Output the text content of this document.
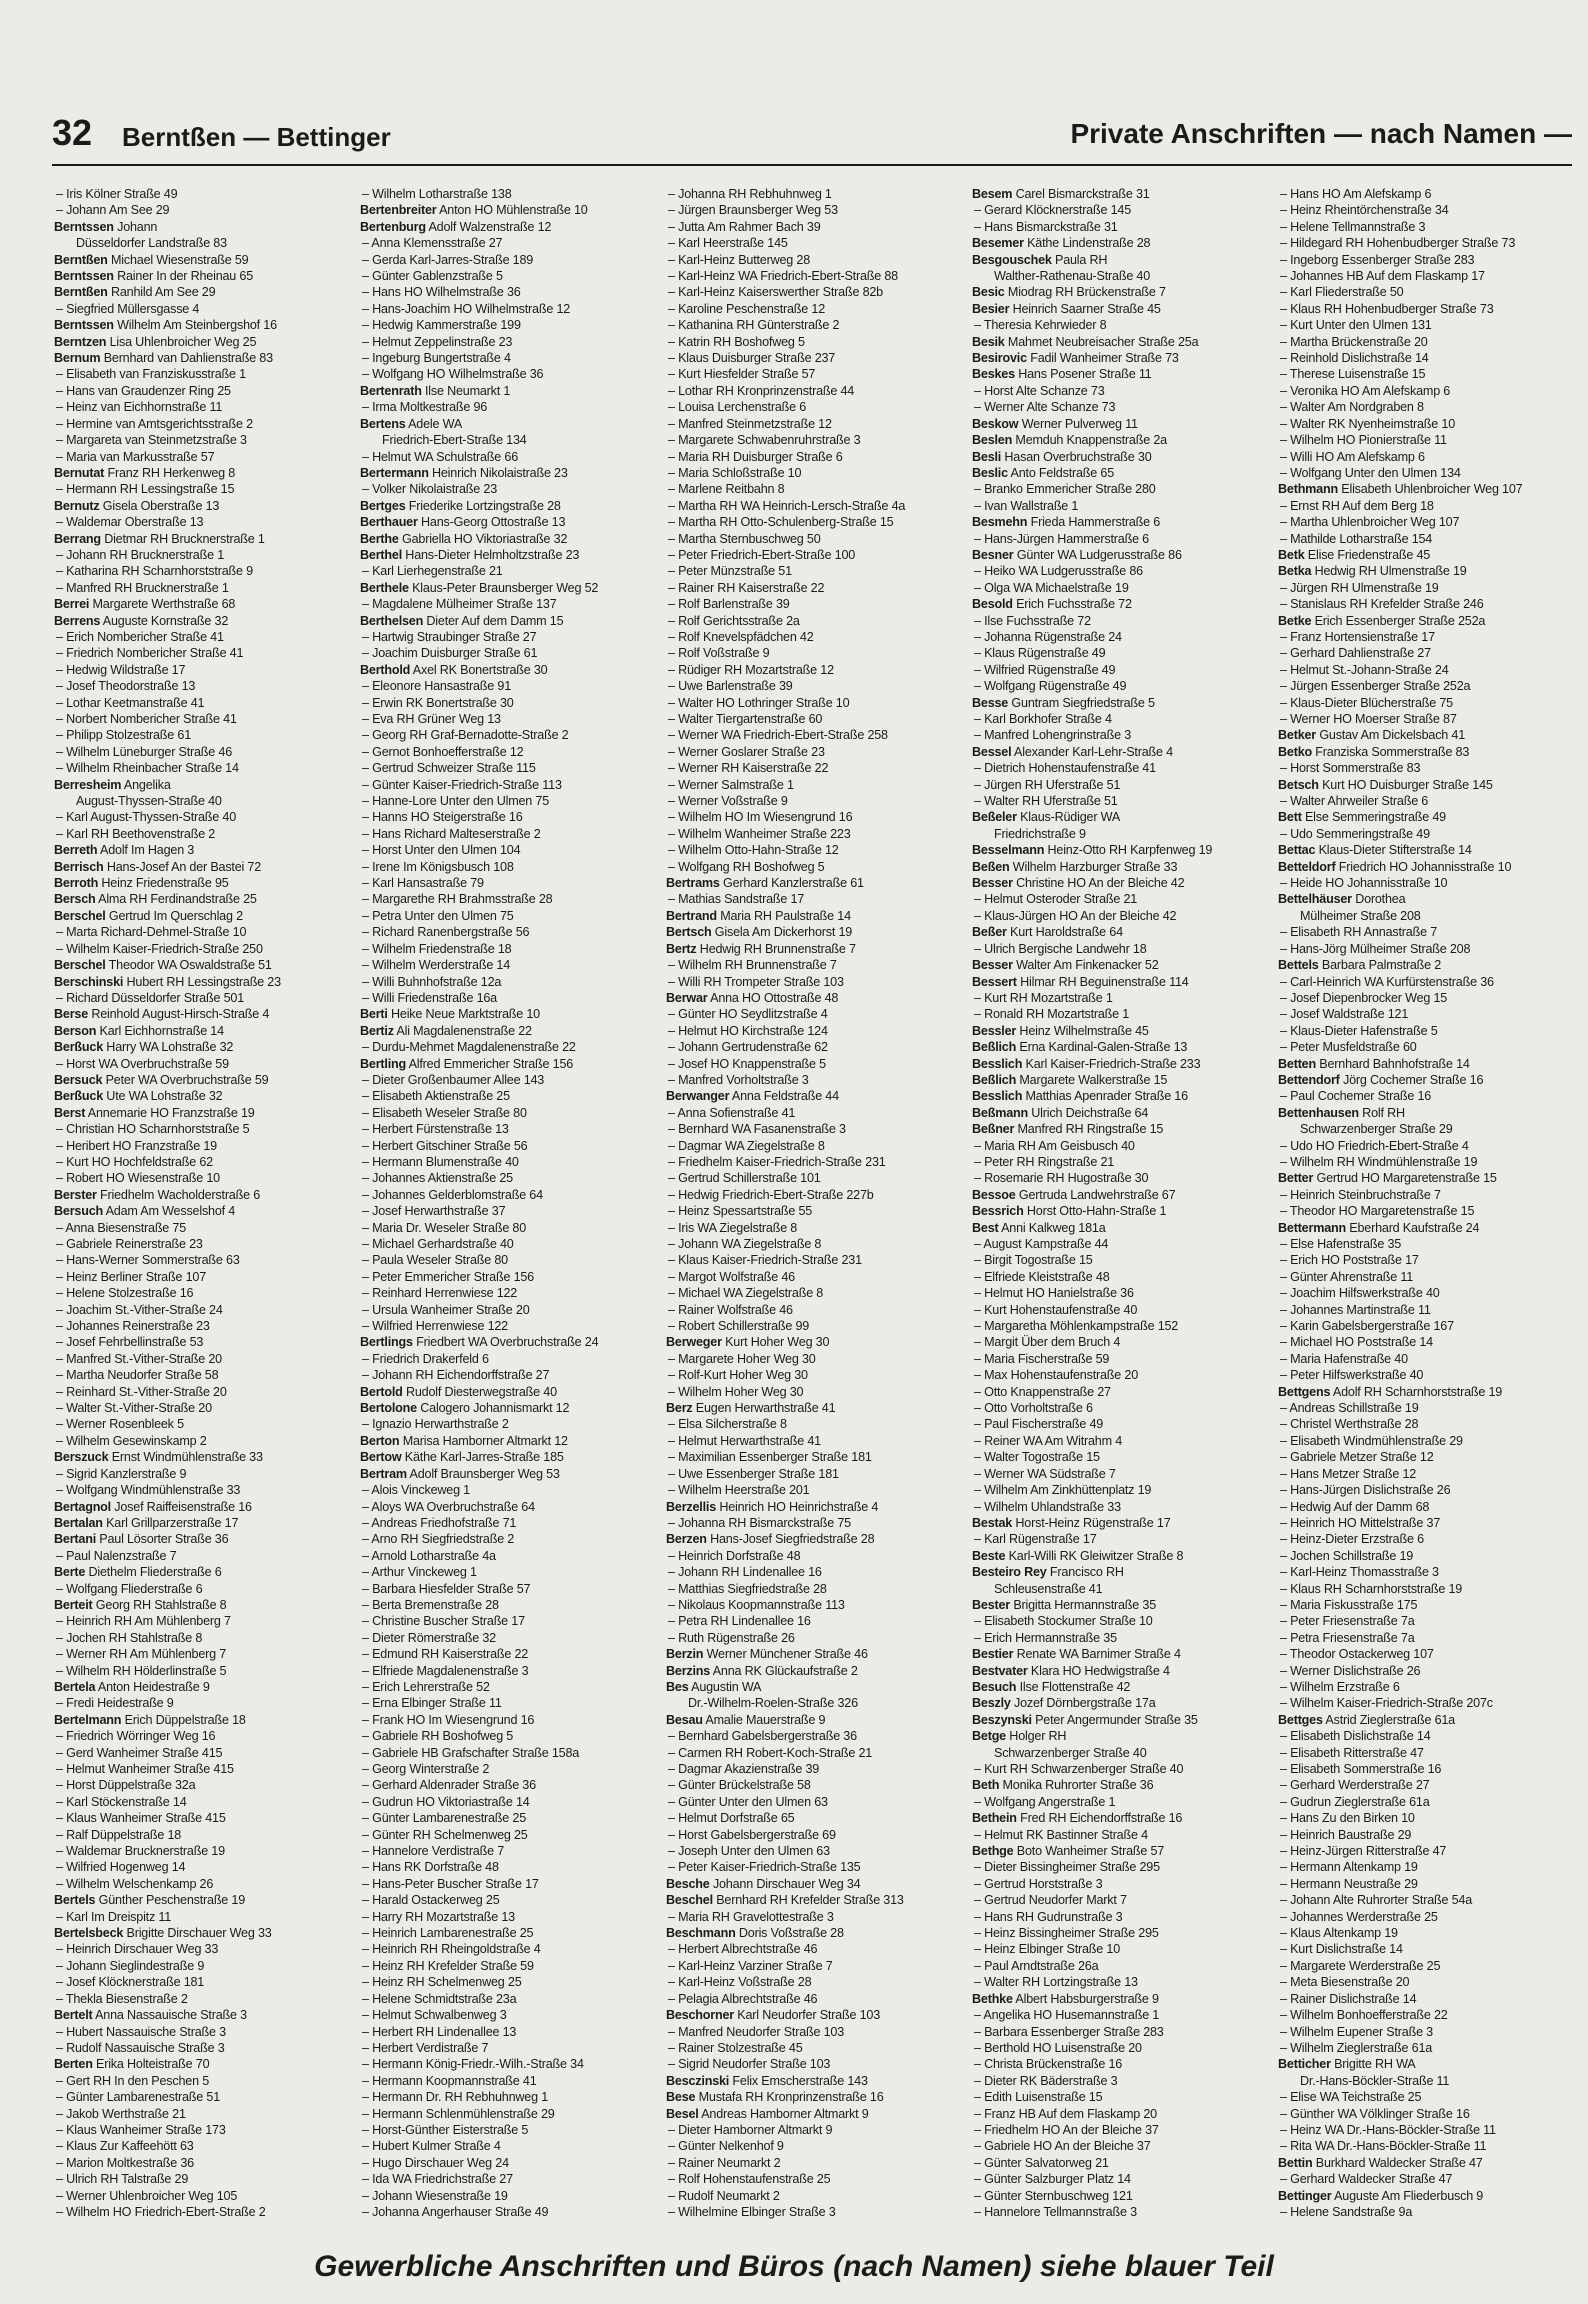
32 Berntßen — Bettinger	Private Anschriften — nach Namen —
– Iris Kölner Straße 49
– Johann Am See 29
Berntssen Johann
Düsseldorfer Landstraße 83
Berntßen Michael Wiesenstraße 59
Berntssen Rainer In der Rheinau 65
Berntßen Ranhild Am See 29
– Siegfried Müllersgasse 4
Berntssen Wilhelm Am Steinbergshof 16
Berntzen Lisa Uhlenbroicher Weg 25
Bernum Bernhard van Dahlienstraße 83
– Elisabeth van Franziskusstraße 1
– Hans van Graudenzer Ring 25
– Heinz van Eichhornstraße 11
– Hermine van Amtsgerichtsstraße 2
– Margareta van Steinmetzstraße 3
– Maria van Markusstraße 57
Bernutat Franz RH Herkenweg 8
– Hermann RH Lessingstraße 15
Bernutz Gisela Oberstraße 13
– Waldemar Oberstraße 13
Berrang Dietmar RH Brucknerstraße 1
– Johann RH Brucknerstraße 1
– Katharina RH Scharnhorststraße 9
– Manfred RH Brucknerstraße 1
Berrei Margarete Werthstraße 68
Berrens Auguste Kornstraße 32
– Erich Nombericher Straße 41
– Friedrich Nombericher Straße 41
– Hedwig Wildstraße 17
– Josef Theodorstraße 13
– Lothar Keetmanstraße 41
– Norbert Nombericher Straße 41
– Philipp Stolzestraße 61
– Wilhelm Lüneburger Straße 46
– Wilhelm Rheinbacher Straße 14
Berresheim Angelika
August-Thyssen-Straße 40
– Karl August-Thyssen-Straße 40
– Karl RH Beethovenstraße 2
Berreth Adolf Im Hagen 3
Berrisch Hans-Josef An der Bastei 72
Berroth Heinz Friedenstraße 95
Bersch Alma RH Ferdinandstraße 25
Berschel Gertrud Im Querschlag 2
– Marta Richard-Dehmel-Straße 10
– Wilhelm Kaiser-Friedrich-Straße 250
Berschel Theodor WA Oswaldstraße 51
Berschinski Hubert RH Lessingstraße 23
– Richard Düsseldorfer Straße 501
Berse Reinhold August-Hirsch-Straße 4
Berson Karl Eichhornstraße 14
Berßuck Harry WA Lohstraße 32
– Horst WA Overbruchstraße 59
Bersuck Peter WA Overbruchstraße 59
Berßuck Ute WA Lohstraße 32
Berst Annemarie HO Franzstraße 19
– Christian HO Scharnhorststraße 5
– Heribert HO Franzstraße 19
– Kurt HO Hochfeldstraße 62
– Robert HO Wiesenstraße 10
Berster Friedhelm Wacholderstraße 6
Bersuch Adam Am Wesselshof 4
– Anna Biesenstraße 75
– Gabriele Reinerstraße 23
– Hans-Werner Sommerstraße 63
– Heinz Berliner Straße 107
– Helene Stolzestraße 16
– Joachim St.-Vither-Straße 24
– Johannes Reinerstraße 23
– Josef Fehrbellinstraße 53
– Manfred St.-Vither-Straße 20
– Martha Neudorfer Straße 58
– Reinhard St.-Vither-Straße 20
– Walter St.-Vither-Straße 20
– Werner Rosenbleek 5
– Wilhelm Gesewinskamp 2
Berszuck Ernst Windmühlenstraße 33
– Sigrid Kanzlerstraße 9
– Wolfgang Windmühlenstraße 33
Bertagnol Josef Raiffeisenstraße 16
Bertalan Karl Grillparzerstraße 17
Bertani Paul Lösorter Straße 36
– Paul Nalenzstraße 7
Berte Diethelm Fliederstraße 6
– Wolfgang Fliederstraße 6
Berteit Georg RH Stahlstraße 8
– Heinrich RH Am Mühlenberg 7
– Jochen RH Stahlstraße 8
– Werner RH Am Mühlenberg 7
– Wilhelm RH Hölderlinstraße 5
Bertela Anton Heidestraße 9
– Fredi Heidestraße 9
Bertelmann Erich Düppelstraße 18
– Friedrich Wörringer Weg 16
– Gerd Wanheimer Straße 415
– Helmut Wanheimer Straße 415
– Horst Düppelstraße 32a
– Karl Stöckenstraße 14
– Klaus Wanheimer Straße 415
– Ralf Düppelstraße 18
– Waldemar Brucknerstraße 19
– Wilfried Hogenweg 14
– Wilhelm Welschenkamp 26
Bertels Günther Peschenstraße 19
– Karl Im Dreispitz 11
Bertelsbeck Brigitte Dirschauer Weg 33
– Heinrich Dirschauer Weg 33
– Johann Sieglindestraße 9
– Josef Klöcknerstraße 181
– Thekla Biesenstraße 2
Bertelt Anna Nassauische Straße 3
– Hubert Nassauische Straße 3
– Rudolf Nassauische Straße 3
Berten Erika Holteistraße 70
– Gert RH In den Peschen 5
– Günter Lambarenestraße 51
– Jakob Werthstraße 21
– Klaus Wanheimer Straße 173
– Klaus Zur Kaffeehött 63
– Marion Moltkestraße 36
– Ulrich RH Talstraße 29
– Werner Uhlenbroicher Weg 105
– Wilhelm HO Friedrich-Ebert-Straße 2
– Wilhelm Lotharstraße 138
Bertenbreiter Anton HO Mühlenstraße 10
Bertenburg Adolf Walzenstraße 12
– Anna Klemensstraße 27
– Gerda Karl-Jarres-Straße 189
– Günter Gablenzstraße 5
– Hans HO Wilhelmstraße 36
– Hans-Joachim HO Wilhelmstraße 12
– Hedwig Kammerstraße 199
– Helmut Zeppelinstraße 23
– Ingeburg Bungertstraße 4
– Wolfgang HO Wilhelmstraße 36
Bertenrath Ilse Neumarkt 1
– Irma Moltkestraße 96
Bertens Adele WA
Friedrich-Ebert-Straße 134
– Helmut WA Schulstraße 66
Bertermann Heinrich Nikolaistraße 23
– Volker Nikolaistraße 23
Bertges Friederike Lortzingstraße 28
Berthauer Hans-Georg Ottostraße 13
Berthe Gabriella HO Viktoriastraße 32
Berthel Hans-Dieter Helmholtzstraße 23
– Karl Lierhegenstraße 21
Berthele Klaus-Peter Braunsberger Weg 52
– Magdalene Mülheimer Straße 137
Berthelsen Dieter Auf dem Damm 15
– Hartwig Straubinger Straße 27
– Joachim Duisburger Straße 61
Berthold Axel RK Bonertstraße 30
– Eleonore Hansastraße 91
– Erwin RK Bonertstraße 30
– Eva RH Grüner Weg 13
– Georg RH Graf-Bernadotte-Straße 2
– Gernot Bonhoefferstraße 12
– Gertrud Schweizer Straße 115
– Günter Kaiser-Friedrich-Straße 113
– Hanne-Lore Unter den Ulmen 75
– Hanns HO Steigerstraße 16
– Hans Richard Malteserstraße 2
– Horst Unter den Ulmen 104
– Irene Im Königsbusch 108
– Karl Hansastraße 79
– Margarethe RH Brahmsstraße 28
– Petra Unter den Ulmen 75
– Richard Ranenbergstraße 56
– Wilhelm Friedenstraße 18
– Wilhelm Werderstraße 14
– Willi Buhnhofstraße 12a
– Willi Friedenstraße 16a
Berti Heike Neue Marktstraße 10
Bertiz Ali Magdalenenstraße 22
– Durdu-Mehmet Magdalenenstraße 22
Bertling Alfred Emmericher Straße 156
– Dieter Großenbaumer Allee 143
– Elisabeth Aktienstraße 25
– Elisabeth Weseler Straße 80
– Herbert Fürstenstraße 13
– Herbert Gitschiner Straße 56
– Hermann Blumenstraße 40
– Johannes Aktienstraße 25
– Johannes Gelderblomstraße 64
– Josef Herwarthstraße 37
– Maria Dr. Weseler Straße 80
– Michael Gerhardstraße 40
– Paula Weseler Straße 80
– Peter Emmericher Straße 156
– Reinhard Herrenwiese 122
– Ursula Wanheimer Straße 20
– Wilfried Herrenwiese 122
Bertlings Friedbert WA Overbruchstraße 24
– Friedrich Drakerfeld 6
– Johann RH Eichendorffstraße 27
Bertold Rudolf Diesterwegstraße 40
Bertolone Calogero Johannismarkt 12
– Ignazio Herwarthstraße 2
Berton Marisa Hamborner Altmarkt 12
Bertow Käthe Karl-Jarres-Straße 185
Bertram Adolf Braunsberger Weg 53
– Alois Vinckeweg 1
– Aloys WA Overbruchstraße 64
– Andreas Friedhofstraße 71
– Arno RH Siegfriedstraße 2
– Arnold Lotharstraße 4a
– Arthur Vinckeweg 1
– Barbara Hiesfelder Straße 57
– Berta Bremenstraße 28
– Christine Buscher Straße 17
– Dieter Römerstraße 32
– Edmund RH Kaiserstraße 22
– Elfriede Magdalenenstraße 3
– Erich Lehrerstraße 52
– Erna Elbinger Straße 11
– Frank HO Im Wiesengrund 16
– Gabriele RH Boshofweg 5
– Gabriele HB Grafschafter Straße 158a
– Georg Winterstraße 2
– Gerhard Aldenrader Straße 36
– Gudrun HO Viktoriastraße 14
– Günter Lambarenestraße 25
– Günter RH Schelmenweg 25
– Hannelore Verdistraße 7
– Hans RK Dorfstraße 48
– Hans-Peter Buscher Straße 17
– Harald Ostackerweg 25
– Harry RH Mozartstraße 13
– Heinrich Lambarenestraße 25
– Heinrich RH Rheingoldstraße 4
– Heinz RH Krefelder Straße 59
– Heinz RH Schelmenweg 25
– Helene Schmidtstraße 23a
– Helmut Schwalbenweg 3
– Herbert RH Lindenallee 13
– Herbert Verdistraße 7
– Hermann König-Friedr.-Wilh.-Straße 34
– Hermann Koopmannstraße 41
– Hermann Dr. RH Rebhuhnweg 1
– Hermann Schlenmühlenstraße 29
– Horst-Günther Eisterstraße 5
– Hubert Kulmer Straße 4
– Hugo Dirschauer Weg 24
– Ida WA Friedrichstraße 27
– Johann Wiesenstraße 19
– Johanna Angerhauser Straße 49
– Johanna RH Rebhuhnweg 1
– Jürgen Braunsberger Weg 53
– Jutta Am Rahmer Bach 39
– Karl Heerstraße 145
– Karl-Heinz Butterweg 28
– Karl-Heinz WA Friedrich-Ebert-Straße 88
– Karl-Heinz Kaiserswerther Straße 82b
– Karoline Peschenstraße 12
– Kathanina RH Günterstraße 2
– Katrin RH Boshofweg 5
– Klaus Duisburger Straße 237
– Kurt Hiesfelder Straße 57
– Lothar RH Kronprinzenstraße 44
– Louisa Lerchenstraße 6
– Manfred Steinmetzstraße 12
– Margarete Schwabenruhrstraße 3
– Maria RH Duisburger Straße 6
– Maria Schloßstraße 10
– Marlene Reitbahn 8
– Martha RH WA Heinrich-Lersch-Straße 4a
– Martha RH Otto-Schulenberg-Straße 15
– Martha Sternbuschweg 50
– Peter Friedrich-Ebert-Straße 100
– Peter Münzstraße 51
– Rainer RH Kaiserstraße 22
– Rolf Barlenstraße 39
– Rolf Gerichtsstraße 2a
– Rolf Knevelspfädchen 42
– Rolf Voßstraße 9
– Rüdiger RH Mozartstraße 12
– Uwe Barlenstraße 39
– Walter HO Lothringer Straße 10
– Walter Tiergartenstraße 60
– Werner WA Friedrich-Ebert-Straße 258
– Werner Goslarer Straße 23
– Werner RH Kaiserstraße 22
– Werner Salmstraße 1
– Werner Voßstraße 9
– Wilhelm HO Im Wiesengrund 16
– Wilhelm Wanheimer Straße 223
– Wilhelm Otto-Hahn-Straße 12
– Wolfgang RH Boshofweg 5
Bertrams Gerhard Kanzlerstraße 61
– Mathias Sandstraße 17
Bertrand Maria RH Paulstraße 14
Bertsch Gisela Am Dickerhorst 19
Bertz Hedwig RH Brunnenstraße 7
– Wilhelm RH Brunnenstraße 7
– Willi RH Trompeter Straße 103
Berwar Anna HO Ottostraße 48
– Günter HO Seydlitzstraße 4
– Helmut HO Kirchstraße 124
– Johann Gertrudenstraße 62
– Josef HO Knappenstraße 5
– Manfred Vorholtstraße 3
Berwanger Anna Feldstraße 44
– Anna Sofienstraße 41
– Bernhard WA Fasanenstraße 3
– Dagmar WA Ziegelstraße 8
– Friedhelm Kaiser-Friedrich-Straße 231
– Gertrud Schillerstraße 101
– Hedwig Friedrich-Ebert-Straße 227b
– Heinz Spessartstraße 55
– Iris WA Ziegelstraße 8
– Johann WA Ziegelstraße 8
– Klaus Kaiser-Friedrich-Straße 231
– Margot Wolfstraße 46
– Michael WA Ziegelstraße 8
– Rainer Wolfstraße 46
– Robert Schillerstraße 99
Berweger Kurt Hoher Weg 30
– Margarete Hoher Weg 30
– Rolf-Kurt Hoher Weg 30
– Wilhelm Hoher Weg 30
Berz Eugen Herwarthstraße 41
– Elsa Silcherstraße 8
– Helmut Herwarthstraße 41
– Maximilian Essenberger Straße 181
– Uwe Essenberger Straße 181
– Wilhelm Heerstraße 201
Berzellis Heinrich HO Heinrichstraße 4
– Johanna RH Bismarckstraße 75
Berzen Hans-Josef Siegfriedstraße 28
– Heinrich Dorfstraße 48
– Johann RH Lindenallee 16
– Matthias Siegfriedstraße 28
– Nikolaus Koopmannstraße 113
– Petra RH Lindenallee 16
– Ruth Rügenstraße 26
Berzin Werner Münchener Straße 46
Berzins Anna RK Glückaufstraße 2
Bes Augustin WA
Dr.-Wilhelm-Roelen-Straße 326
Besau Amalie Mauerstraße 9
– Bernhard Gabelsbergerstraße 36
– Carmen RH Robert-Koch-Straße 21
– Dagmar Akazienstraße 39
– Günter Brückelstraße 58
– Günter Unter den Ulmen 63
– Helmut Dorfstraße 65
– Horst Gabelsbergerstraße 69
– Joseph Unter den Ulmen 63
– Peter Kaiser-Friedrich-Straße 135
Besche Johann Dirschauer Weg 34
Beschel Bernhard RH Krefelder Straße 313
– Maria RH Gravelottestraße 3
Beschmann Doris Voßstraße 28
– Herbert Albrechtstraße 46
– Karl-Heinz Varziner Straße 7
– Karl-Heinz Voßstraße 28
– Pelagia Albrechtstraße 46
Beschorner Karl Neudorfer Straße 103
– Manfred Neudorfer Straße 103
– Rainer Stolzestraße 45
– Sigrid Neudorfer Straße 103
Besczinski Felix Emscherstraße 143
Bese Mustafa RH Kronprinzenstraße 16
Besel Andreas Hamborner Altmarkt 9
– Dieter Hamborner Altmarkt 9
– Günter Nelkenhof 9
– Rainer Neumarkt 2
– Rolf Hohenstaufenstraße 25
– Rudolf Neumarkt 2
– Wilhelmine Elbinger Straße 3
Besem Carel Bismarckstraße 31
– Gerard Klöcknerstraße 145
– Hans Bismarckstraße 31
Besemer Käthe Lindenstraße 28
Besgouschek Paula RH
Walther-Rathenau-Straße 40
Besic Miodrag RH Brückenstraße 7
Besier Heinrich Saarner Straße 45
– Theresia Kehrwieder 8
Besik Mahmet Neubreisacher Straße 25a
Besirovic Fadil Wanheimer Straße 73
Beskes Hans Posener Straße 11
– Horst Alte Schanze 73
– Werner Alte Schanze 73
Beskow Werner Pulverweg 11
Beslen Memduh Knappenstraße 2a
Besli Hasan Overbruchstraße 30
Beslic Anto Feldstraße 65
– Branko Emmericher Straße 280
– Ivan Wallstraße 1
Besmehn Frieda Hammerstraße 6
– Hans-Jürgen Hammerstraße 6
Besner Günter WA Ludgerusstraße 86
– Heiko WA Ludgerusstraße 86
– Olga WA Michaelstraße 19
Besold Erich Fuchsstraße 72
– Ilse Fuchsstraße 72
– Johanna Rügenstraße 24
– Klaus Rügenstraße 49
– Wilfried Rügenstraße 49
– Wolfgang Rügenstraße 49
Besse Guntram Siegfriedstraße 5
– Karl Borkhofer Straße 4
– Manfred Lohengrinstraße 3
Bessel Alexander Karl-Lehr-Straße 4
– Dietrich Hohenstaufenstraße 41
– Jürgen RH Uferstraße 51
– Walter RH Uferstraße 51
Beßeler Klaus-Rüdiger WA
Friedrichstraße 9
Besselmann Heinz-Otto RH Karpfenweg 19
Beßen Wilhelm Harzburger Straße 33
Besser Christine HO An der Bleiche 42
– Helmut Osteroder Straße 21
– Klaus-Jürgen HO An der Bleiche 42
Beßer Kurt Haroldstraße 64
– Ulrich Bergische Landwehr 18
Besser Walter Am Finkenacker 52
Bessert Hilmar RH Beguinenstraße 114
– Kurt RH Mozartstraße 1
– Ronald RH Mozartstraße 1
Bessler Heinz Wilhelmstraße 45
Beßlich Erna Kardinal-Galen-Straße 13
Besslich Karl Kaiser-Friedrich-Straße 233
Beßlich Margarete Walkerstraße 15
Besslich Matthias Apenrader Straße 16
Beßmann Ulrich Deichstraße 64
Beßner Manfred RH Ringstraße 15
– Maria RH Am Geisbusch 40
– Peter RH Ringstraße 21
– Rosemarie RH Hugostraße 30
Bessoe Gertruda Landwehrstraße 67
Bessrich Horst Otto-Hahn-Straße 1
Best Anni Kalkweg 181a
– August Kampstraße 44
– Birgit Togostraße 15
– Elfriede Kleiststraße 48
– Helmut HO Hanielstraße 36
– Kurt Hohenstaufenstraße 40
– Margaretha Möhlenkampstraße 152
– Margit Über dem Bruch 4
– Maria Fischerstraße 59
– Max Hohenstaufenstraße 20
– Otto Knappenstraße 27
– Otto Vorholtstraße 6
– Paul Fischerstraße 49
– Reiner WA Am Witrahm 4
– Walter Togostraße 15
– Werner WA Südstraße 7
– Wilhelm Am Zinkhüttenplatz 19
– Wilhelm Uhlandstraße 33
Bestak Horst-Heinz Rügenstraße 17
– Karl Rügenstraße 17
Beste Karl-Willi RK Gleiwitzer Straße 8
Besteiro Rey Francisco RH
Schleusenstraße 41
Bester Brigitta Hermannstraße 35
– Elisabeth Stockumer Straße 10
– Erich Hermannstraße 35
Bestier Renate WA Barnimer Straße 4
Bestvater Klara HO Hedwigstraße 4
Besuch Ilse Flottenstraße 42
Beszly Jozef Dörnbergstraße 17a
Beszynski Peter Angermunder Straße 35
Betge Holger RH
Schwarzenberger Straße 40
– Kurt RH Schwarzenberger Straße 40
Beth Monika Ruhrorter Straße 36
– Wolfgang Angerstraße 1
Bethein Fred RH Eichendorffstraße 16
– Helmut RK Bastinner Straße 4
Bethge Boto Wanheimer Straße 57
– Dieter Bissingheimer Straße 295
– Gertrud Horststraße 3
– Gertrud Neudorfer Markt 7
– Hans RH Gudrunstraße 3
– Heinz Bissingheimer Straße 295
– Heinz Elbinger Straße 10
– Paul Arndtstraße 26a
– Walter RH Lortzingstraße 13
Bethke Albert Habsburgerstraße 9
– Angelika HO Husemannstraße 1
– Barbara Essenberger Straße 283
– Berthold HO Luisenstraße 20
– Christa Brückenstraße 16
– Dieter RK Bäderstraße 3
– Edith Luisenstraße 15
– Franz HB Auf dem Flaskamp 20
– Friedhelm HO An der Bleiche 37
– Gabriele HO An der Bleiche 37
– Günter Salvatorweg 21
– Günter Salzburger Platz 14
– Günter Sternbuschweg 121
– Hannelore Tellmannstraße 3
– Hans HO Am Alefskamp 6
– Heinz Rheintörchenstraße 34
– Helene Tellmannstraße 3
– Hildegard RH Hohenbudberger Straße 73
– Ingeborg Essenberger Straße 283
– Johannes HB Auf dem Flaskamp 17
– Karl Fliederstraße 50
– Klaus RH Hohenbudberger Straße 73
– Kurt Unter den Ulmen 131
– Martha Brückenstraße 20
– Reinhold Dislichstraße 14
– Therese Luisenstraße 15
– Veronika HO Am Alefskamp 6
– Walter Am Nordgraben 8
– Walter RK Nyenheimstraße 10
– Wilhelm HO Pionierstraße 11
– Willi HO Am Alefskamp 6
– Wolfgang Unter den Ulmen 134
Bethmann Elisabeth Uhlenbroicher Weg 107
– Ernst RH Auf dem Berg 18
– Martha Uhlenbroicher Weg 107
– Mathilde Lotharstraße 154
Betk Elise Friedenstraße 45
Betka Hedwig RH Ulmenstraße 19
– Jürgen RH Ulmenstraße 19
– Stanislaus RH Krefelder Straße 246
Betke Erich Essenberger Straße 252a
– Franz Hortensienstraße 17
– Gerhard Dahlienstraße 27
– Helmut St.-Johann-Straße 24
– Jürgen Essenberger Straße 252a
– Klaus-Dieter Blücherstraße 75
– Werner HO Moerser Straße 87
Betker Gustav Am Dickelsbach 41
Betko Franziska Sommerstraße 83
– Horst Sommerstraße 83
Betsch Kurt HO Duisburger Straße 145
– Walter Ahrweiler Straße 6
Bett Else Semmeringstraße 49
– Udo Semmeringstraße 49
Bettac Klaus-Dieter Stifterstraße 14
Betteldorf Friedrich HO Johannisstraße 10
– Heide HO Johannisstraße 10
Bettelhäuser Dorothea
Mülheimer Straße 208
– Elisabeth RH Annastraße 7
– Hans-Jörg Mülheimer Straße 208
Bettels Barbara Palmstraße 2
– Carl-Heinrich WA Kurfürstenstraße 36
– Josef Diepenbrocker Weg 15
– Josef Waldstraße 121
– Klaus-Dieter Hafenstraße 5
– Peter Musfeldstraße 60
Betten Bernhard Bahnhofstraße 14
Bettendorf Jörg Cochemer Straße 16
– Paul Cochemer Straße 16
Bettenhausen Rolf RH
Schwarzenberger Straße 29
– Udo HO Friedrich-Ebert-Straße 4
– Wilhelm RH Windmühlenstraße 19
Better Gertrud HO Margaretenstraße 15
– Heinrich Steinbruchstraße 7
– Theodor HO Margaretenstraße 15
Bettermann Eberhard Kaufstraße 24
– Else Hafenstraße 35
– Erich HO Poststraße 17
– Günter Ahrenstraße 11
– Joachim Hilfswerkstraße 40
– Johannes Martinstraße 11
– Karin Gabelsbergerstraße 167
– Michael HO Poststraße 14
– Maria Hafenstraße 40
– Peter Hilfswerkstraße 40
Bettgens Adolf RH Scharnhorststraße 19
– Andreas Schillstraße 19
– Christel Werthstraße 28
– Elisabeth Windmühlenstraße 29
– Gabriele Metzer Straße 12
– Hans Metzer Straße 12
– Hans-Jürgen Dislichstraße 26
– Hedwig Auf der Damm 68
– Heinrich HO Mittelstraße 37
– Heinz-Dieter Erzstraße 6
– Jochen Schillstraße 19
– Karl-Heinz Thomasstraße 3
– Klaus RH Scharnhorststraße 19
– Maria Fiskusstraße 175
– Peter Friesenstraße 7a
– Petra Friesenstraße 7a
– Theodor Ostackerweg 107
– Werner Dislichstraße 26
– Wilhelm Erzstraße 6
– Wilhelm Kaiser-Friedrich-Straße 207c
Bettges Astrid Zieglerstraße 61a
– Elisabeth Dislichstraße 14
– Elisabeth Ritterstraße 47
– Elisabeth Sommerstraße 16
– Gerhard Werderstraße 27
– Gudrun Zieglerstraße 61a
– Hans Zu den Birken 10
– Heinrich Baustraße 29
– Heinz-Jürgen Ritterstraße 47
– Hermann Altenkamp 19
– Hermann Neustraße 29
– Johann Alte Ruhrorter Straße 54a
– Johannes Werderstraße 25
– Klaus Altenkamp 19
– Kurt Dislichstraße 14
– Margarete Werderstraße 25
– Meta Biesenstraße 20
– Rainer Dislichstraße 14
– Wilhelm Bonhoefferstraße 22
– Wilhelm Eupener Straße 3
– Wilhelm Zieglerstraße 61a
Betticher Brigitte RH WA
Dr.-Hans-Böckler-Straße 11
– Elise WA Teichstraße 25
– Günther WA Völklinger Straße 16
– Heinz WA Dr.-Hans-Böckler-Straße 11
– Rita WA Dr.-Hans-Böckler-Straße 11
Bettin Burkhard Waldecker Straße 47
– Gerhard Waldecker Straße 47
Bettinger Auguste Am Fliederbusch 9
– Helene Sandstraße 9a
Gewerbliche Anschriften und Büros (nach Namen) siehe blauer Teil
